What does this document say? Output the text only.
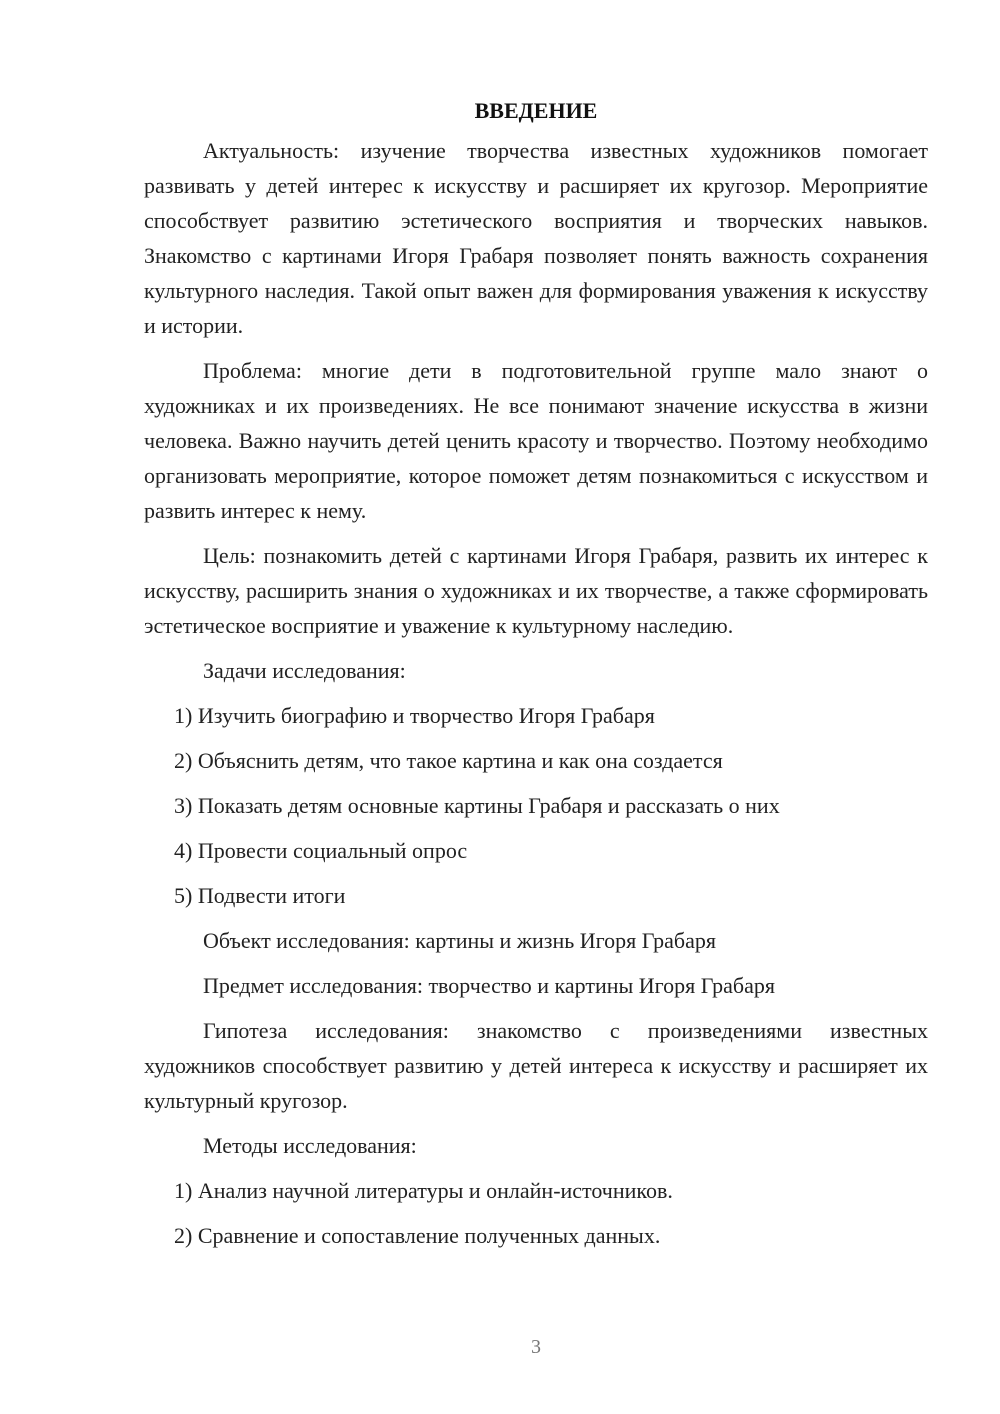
ВВЕДЕНИЕ

Актуальность: изучение творчества известных художников помогает развивать у детей интерес к искусству и расширяет их кругозор. Мероприятие способствует развитию эстетического восприятия и творческих навыков. Знакомство с картинами Игоря Грабаря позволяет понять важность сохранения культурного наследия. Такой опыт важен для формирования уважения к искусству и истории.

Проблема: многие дети в подготовительной группе мало знают о художниках и их произведениях. Не все понимают значение искусства в жизни человека. Важно научить детей ценить красоту и творчество. Поэтому необходимо организовать мероприятие, которое поможет детям познакомиться с искусством и развить интерес к нему.

Цель: познакомить детей с картинами Игоря Грабаря, развить их интерес к искусству, расширить знания о художниках и их творчестве, а также сформировать эстетическое восприятие и уважение к культурному наследию.

Задачи исследования:

1) Изучить биографию и творчество Игоря Грабаря

2) Объяснить детям, что такое картина и как она создается

3) Показать детям основные картины Грабаря и рассказать о них

4) Провести социальный опрос

5) Подвести итоги

Объект исследования: картины и жизнь Игоря Грабаря

Предмет исследования: творчество и картины Игоря Грабаря

Гипотеза исследования: знакомство с произведениями известных художников способствует развитию у детей интереса к искусству и расширяет их культурный кругозор.

Методы исследования:

1) Анализ научной литературы и онлайн-источников.

2) Сравнение и сопоставление полученных данных.

3
